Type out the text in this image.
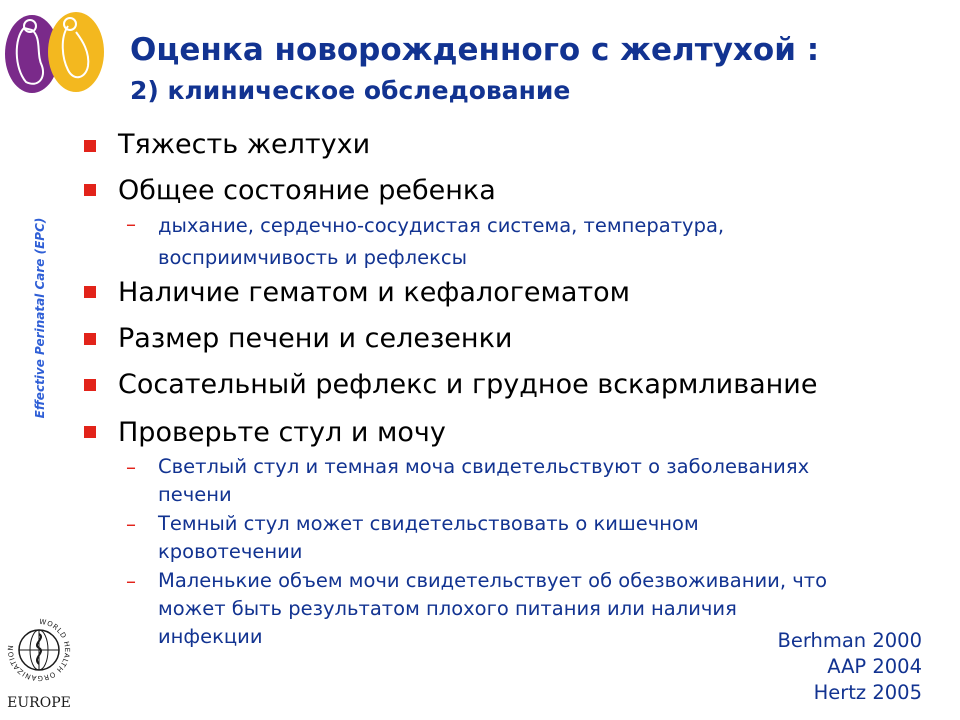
Оценка новорожденного с желтухой :
2) клиническое обследование
Effective Perinatal Care (EPC)

Тяжесть желтухи

Общее состояние ребенка

– дыхание, сердечно-сосудистая система, температура,

восприимчивость и рефлексы

Наличие гематом и кефалогематом

Размер печени и селезенки

Сосательный рефлекс и грудное вскармливание

Проверьте стул и мочу

– Светлый стул и темная моча свидетельствуют о заболеваниях

печени

– Темный стул может свидетельствовать о кишечном

кровотечении

– Маленькие объем мочи свидетельствует об обезвоживании, что

может быть результатом плохого питания или наличия

инфекции

WORLD HEALTH ORGANIZATION
EUROPE
Berhman 2000
AAP 2004
Hertz 2005
